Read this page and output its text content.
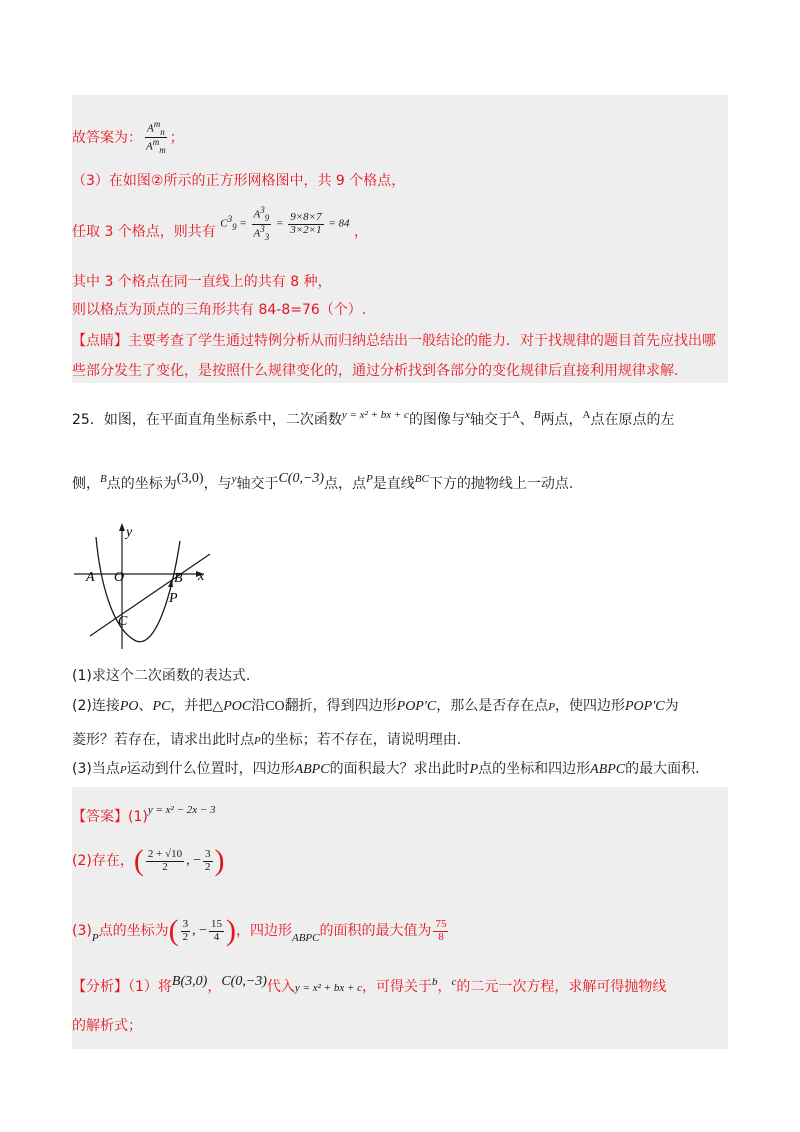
故答案为： $\frac{A^m_n}{A^m_m}$ ；
（3）在如图②所示的正方形网格图中，共 9 个格点，
任取 3 个格点，则共有 $C^3_9 = \frac{A^3_9}{A^3_3} = \frac{9\times 8\times 7}{3\times 2\times 1} = 84$ ，
其中 3 个格点在同一直线上的共有 8 种，
则以格点为顶点的三角形共有 84-8=76（个）.
【点睛】主要考查了学生通过特例分析从而归纳总结出一般结论的能力．对于找规律的题目首先应找出哪
些部分发生了变化，是按照什么规律变化的，通过分析找到各部分的变化规律后直接利用规律求解.
25．如图，在平面直角坐标系中，二次函数$^{y = x^2 + bx + c}$的图像与$^x$轴交于$^A$、$^B$两点，$^A$点在原点的左
侧，$^B$点的坐标为(3,0)，与$^y$轴交于C(0,−3)点，点$^P$是直线$^{BC}$下方的抛物线上一动点.
y
x
A O	B
P
C
(1)求这个二次函数的表达式.
(2)连接PO、PC，并把△POC沿CO翻折，得到四边形POP′C，那么是否存在点P，使四边形POP′C为
菱形？若存在，请求出此时点P的坐标；若不存在，请说明理由.
(3)当点P运动到什么位置时，四边形ABPC的面积最大？求出此时P点的坐标和四边形ABPC的最大面积.
【答案】$(1)^{y = x^2 - 2x - 3}$
(2)存在，( $\frac{2 + √10}{2}$ , − $\frac{3}{2}$ )
$(3)_P$点的坐标为( $\frac{3}{2}$ , − $\frac{15}{4}$ )，四边形$_{ABPC}$的面积的最大值为 $\frac{75}{8}$
【分析】（1）将B(3,0)，C(0,−3)代入y = x² + bx + c，可得关于$^b$，$^c$的二元一次方程，求解可得抛物线
的解析式；
